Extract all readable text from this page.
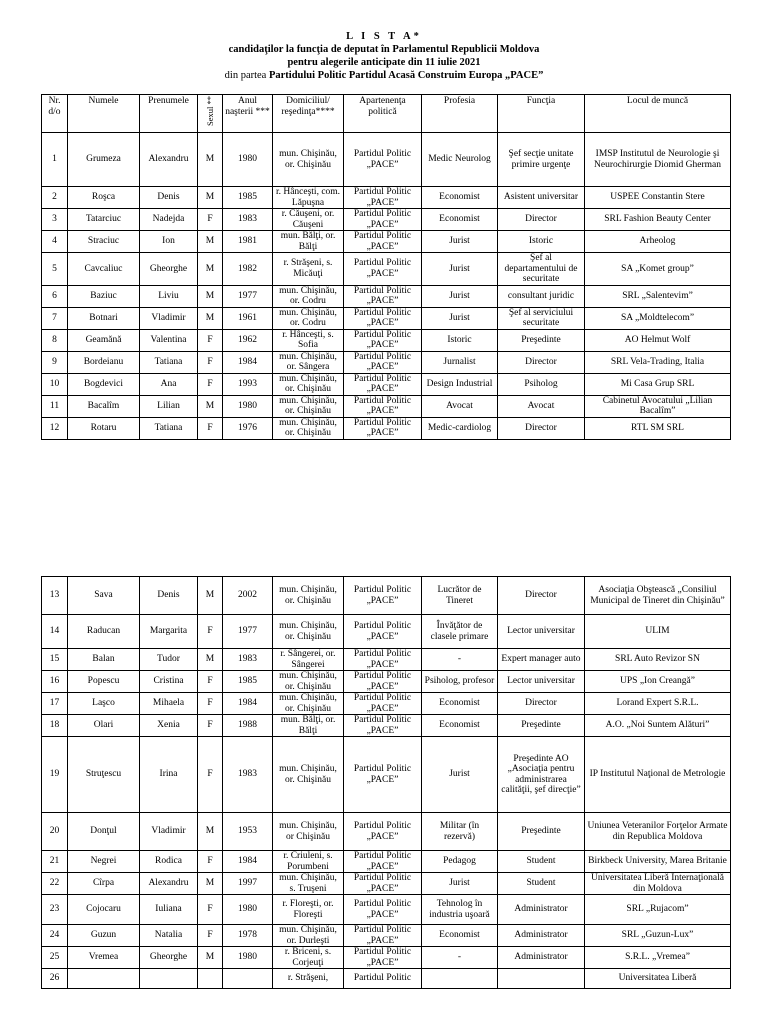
L I S T A*
candidaţilor la funcţia de deputat în Parlamentul Republicii Moldova
pentru alegerile anticipate din 11 iulie 2021
din partea Partidului Politic Partidul Acasă Construim Europa „PACE”
Nr. d/o	Numele	Prenumele	Sexul **	Anul naşterii ***	Domiciliul/ reşedinţa****	Apartenenţa politică	Profesia	Funcţia	Locul de muncă
1	Grumeza	Alexandru	M	1980	mun. Chişinău, or. Chişinău	Partidul Politic „PACE”	Medic Neurolog	Şef secţie unitate primire urgenţe	IMSP Institutul de Neurologie şi Neurochirurgie Diomid Gherman
2	Roşca	Denis	M	1985	r. Hânceşti, com. Lăpuşna	Partidul Politic „PACE”	Economist	Asistent universitar	USPEE Constantin Stere
3	Tatarciuc	Nadejda	F	1983	r. Căuşeni, or. Căuşeni	Partidul Politic „PACE”	Economist	Director	SRL Fashion Beauty Center
4	Straciuc	Ion	M	1981	mun. Bălţi, or. Bălţi	Partidul Politic „PACE”	Jurist	Istoric	Arheolog
5	Cavcaliuc	Gheorghe	M	1982	r. Străşeni, s. Micăuţi	Partidul Politic „PACE”	Jurist	Şef al departamentului de securitate	SA „Komet group”
6	Baziuc	Liviu	M	1977	mun. Chişinău, or. Codru	Partidul Politic „PACE”	Jurist	consultant juridic	SRL „Salentevim”
7	Botnari	Vladimir	M	1961	mun. Chişinău, or. Codru	Partidul Politic „PACE”	Jurist	Şef al serviciului securitate	SA „Moldtelecom”
8	Geamănă	Valentina	F	1962	r. Hânceşti, s. Sofia	Partidul Politic „PACE”	Istoric	Preşedinte	AO Helmut Wolf
9	Bordeianu	Tatiana	F	1984	mun. Chişinău, or. Sângera	Partidul Politic „PACE”	Jurnalist	Director	SRL Vela-Trading, Italia
10	Bogdevici	Ana	F	1993	mun. Chişinău, or. Chişinău	Partidul Politic „PACE”	Design Industrial	Psiholog	Mi Casa Grup SRL
11	Bacalîm	Lilian	M	1980	mun. Chişinău, or. Chişinău	Partidul Politic „PACE”	Avocat	Avocat	Cabinetul Avocatului „Lilian Bacalîm”
12	Rotaru	Tatiana	F	1976	mun. Chişinău, or. Chişinău	Partidul Politic „PACE”	Medic-cardiolog	Director	RTL SM SRL
13	Sava	Denis	M	2002	mun. Chişinău, or. Chişinău	Partidul Politic „PACE”	Lucrător de Tineret	Director	Asociaţia Obştească „Consiliul Municipal de Tineret din Chişinău”
14	Raducan	Margarita	F	1977	mun. Chişinău, or. Chişinău	Partidul Politic „PACE”	Învăţător de clasele primare	Lector universitar	ULIM
15	Balan	Tudor	M	1983	r. Sângerei, or. Sângerei	Partidul Politic „PACE”	-	Expert manager auto	SRL Auto Revizor SN
16	Popescu	Cristina	F	1985	mun. Chişinău, or. Chişinău	Partidul Politic „PACE”	Psiholog, profesor	Lector universitar	UPS „Ion Creangă”
17	Laşco	Mihaela	F	1984	mun. Chişinău, or. Chişinău	Partidul Politic „PACE”	Economist	Director	Lorand Expert S.R.L.
18	Olari	Xenia	F	1988	mun. Bălţi, or. Bălţi	Partidul Politic „PACE”	Economist	Preşedinte	A.O. „Noi Suntem Alături”
19	Struţescu	Irina	F	1983	mun. Chişinău, or. Chişinău	Partidul Politic „PACE”	Jurist	Preşedinte AO „Asociaţia pentru administrarea calităţii, şef direcţie”	IP Institutul Naţional de Metrologie
20	Donţul	Vladimir	M	1953	mun. Chişinău, or Chişinău	Partidul Politic „PACE”	Militar (în rezervă)	Preşedinte	Uniunea Veteranilor Forţelor Armate din Republica Moldova
21	Negrei	Rodica	F	1984	r. Criuleni, s. Porumbeni	Partidul Politic „PACE”	Pedagog	Student	Birkbeck University, Marea Britanie
22	Cîrpa	Alexandru	M	1997	mun. Chişinău, s. Truşeni	Partidul Politic „PACE”	Jurist	Student	Universitatea Liberă Internaţională din Moldova
23	Cojocaru	Iuliana	F	1980	r. Floreşti, or. Floreşti	Partidul Politic „PACE”	Tehnolog în industria uşoară	Administrator	SRL „Rujacom”
24	Guzun	Natalia	F	1978	mun. Chişinău, or. Durleşti	Partidul Politic „PACE”	Economist	Administrator	SRL „Guzun-Lux”
25	Vremea	Gheorghe	M	1980	r. Briceni, s. Corjeuţi	Partidul Politic „PACE”	-	Administrator	S.R.L. „Vremea”
26					r. Străşeni,	Partidul Politic			Universitatea Liberă
